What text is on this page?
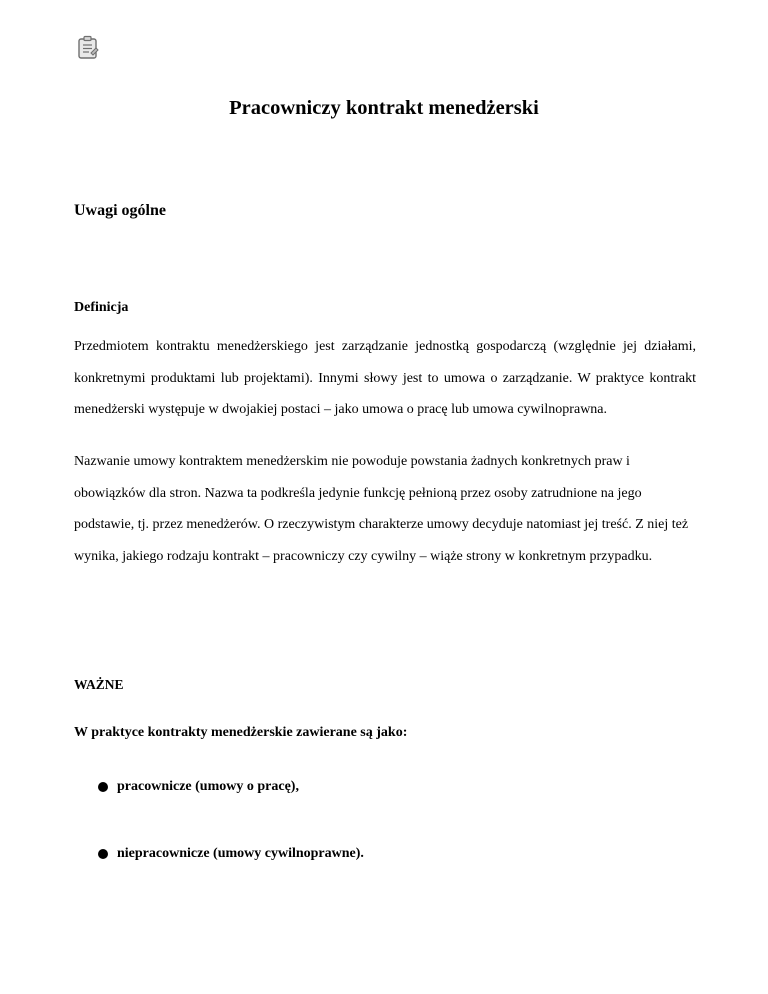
Pracowniczy kontrakt menedżerski
Uwagi ogólne
Definicja

Przedmiotem kontraktu menedżerskiego jest zarządzanie jednostką gospodarczą (względnie jej działami, konkretnymi produktami lub projektami). Innymi słowy jest to umowa o zarządzanie. W praktyce kontrakt menedżerski występuje w dwojakiej postaci – jako umowa o pracę lub umowa cywilnoprawna.

Nazwanie umowy kontraktem menedżerskim nie powoduje powstania żadnych konkretnych praw i obowiązków dla stron. Nazwa ta podkreśla jedynie funkcję pełnioną przez osoby zatrudnione na jego podstawie, tj. przez menedżerów. O rzeczywistym charakterze umowy decyduje natomiast jej treść. Z niej też wynika, jakiego rodzaju kontrakt – pracowniczy czy cywilny – wiąże strony w konkretnym przypadku.

WAŻNE

W praktyce kontrakty menedżerskie zawierane są jako:

pracownicze (umowy o pracę),
niepracownicze (umowy cywilnoprawne).
